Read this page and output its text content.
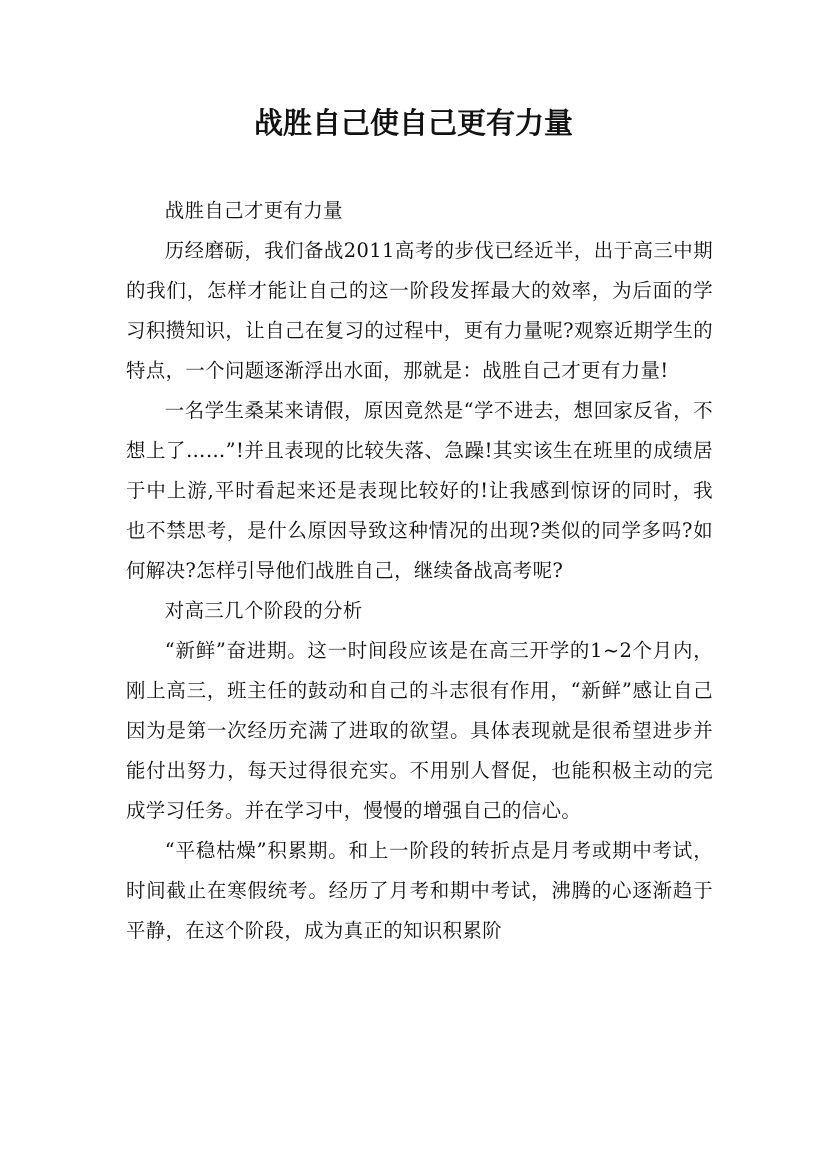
战胜自己使自己更有力量

战胜自己才更有力量

历经磨砺，我们备战2011高考的步伐已经近半，出于高三中期的我们，怎样才能让自己的这一阶段发挥最大的效率，为后面的学习积攒知识，让自己在复习的过程中，更有力量呢?观察近期学生的特点，一个问题逐渐浮出水面，那就是：战胜自己才更有力量!

一名学生桑某来请假，原因竟然是“学不进去，想回家反省，不想上了……”!并且表现的比较失落、急躁!其实该生在班里的成绩居于中上游,平时看起来还是表现比较好的!让我感到惊讶的同时，我也不禁思考，是什么原因导致这种情况的出现?类似的同学多吗?如何解决?怎样引导他们战胜自己，继续备战高考呢?

对高三几个阶段的分析

“新鲜”奋进期。这一时间段应该是在高三开学的1~2个月内，刚上高三，班主任的鼓动和自己的斗志很有作用，“新鲜”感让自己因为是第一次经历充满了进取的欲望。具体表现就是很希望进步并能付出努力，每天过得很充实。不用别人督促，也能积极主动的完成学习任务。并在学习中，慢慢的增强自己的信心。

“平稳枯燥”积累期。和上一阶段的转折点是月考或期中考试，时间截止在寒假统考。经历了月考和期中考试，沸腾的心逐渐趋于平静，在这个阶段，成为真正的知识积累阶
